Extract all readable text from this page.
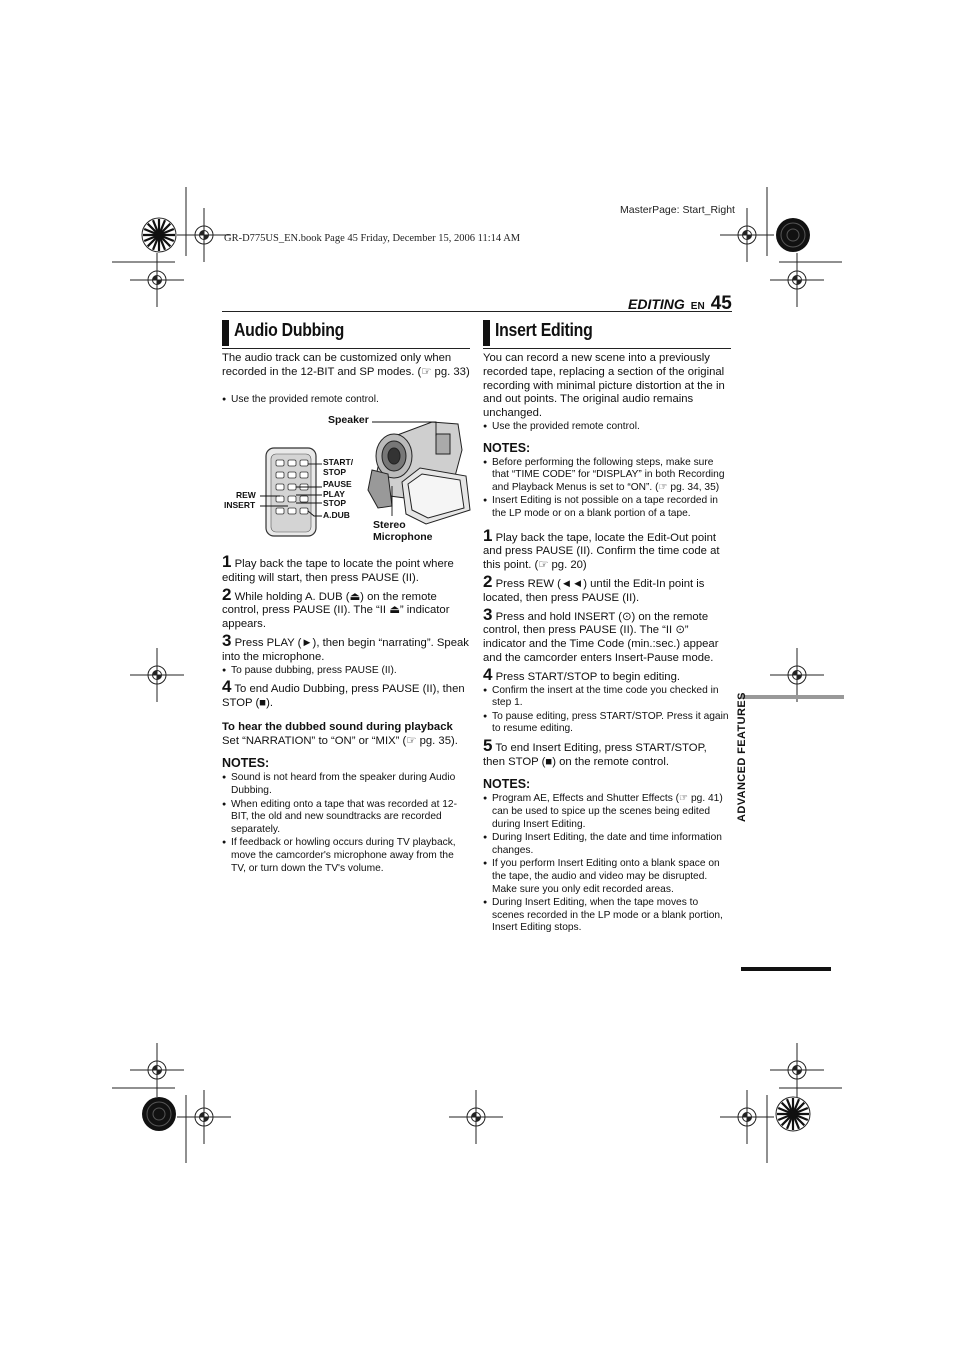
GR-D775US_EN.book Page 45 Friday, December 15, 2006 11:14 AM
MasterPage: Start_Right
EDITING EN 45
ADVANCED FEATURES
Audio Dubbing
The audio track can be customized only when recorded in the 12-BIT and SP modes. (☞ pg. 33)
● Use the provided remote control.
Speaker
START/ STOP
PAUSE
PLAY
STOP
A.DUB
REW
INSERT
Stereo Microphone
1 Play back the tape to locate the point where editing will start, then press PAUSE (II).
2 While holding A. DUB (⏏) on the remote control, press PAUSE (II). The “II ⏏” indicator appears.
3 Press PLAY (►), then begin “narrating”. Speak into the microphone.
● To pause dubbing, press PAUSE (II).
4 To end Audio Dubbing, press PAUSE (II), then STOP (■).
To hear the dubbed sound during playback
Set “NARRATION” to “ON” or “MIX” (☞ pg. 35).
NOTES:
● Sound is not heard from the speaker during Audio Dubbing.
● When editing onto a tape that was recorded at 12-BIT, the old and new soundtracks are recorded separately.
● If feedback or howling occurs during TV playback, move the camcorder's microphone away from the TV, or turn down the TV's volume.
Insert Editing
You can record a new scene into a previously recorded tape, replacing a section of the original recording with minimal picture distortion at the in and out points. The original audio remains unchanged.
● Use the provided remote control.
NOTES:
● Before performing the following steps, make sure that “TIME CODE” for “DISPLAY” in both Recording and Playback Menus is set to “ON”. (☞ pg. 34, 35)
● Insert Editing is not possible on a tape recorded in the LP mode or on a blank portion of a tape.
1 Play back the tape, locate the Edit-Out point and press PAUSE (II). Confirm the time code at this point. (☞ pg. 20)
2 Press REW (◄◄) until the Edit-In point is located, then press PAUSE (II).
3 Press and hold INSERT (⊙) on the remote control, then press PAUSE (II). The “II ⊙” indicator and the Time Code (min.:sec.) appear and the camcorder enters Insert-Pause mode.
4 Press START/STOP to begin editing.
● Confirm the insert at the time code you checked in step 1.
● To pause editing, press START/STOP. Press it again to resume editing.
5 To end Insert Editing, press START/STOP, then STOP (■) on the remote control.
NOTES:
● Program AE, Effects and Shutter Effects (☞ pg. 41) can be used to spice up the scenes being edited during Insert Editing.
● During Insert Editing, the date and time information changes.
● If you perform Insert Editing onto a blank space on the tape, the audio and video may be disrupted. Make sure you only edit recorded areas.
● During Insert Editing, when the tape moves to scenes recorded in the LP mode or a blank portion, Insert Editing stops.
